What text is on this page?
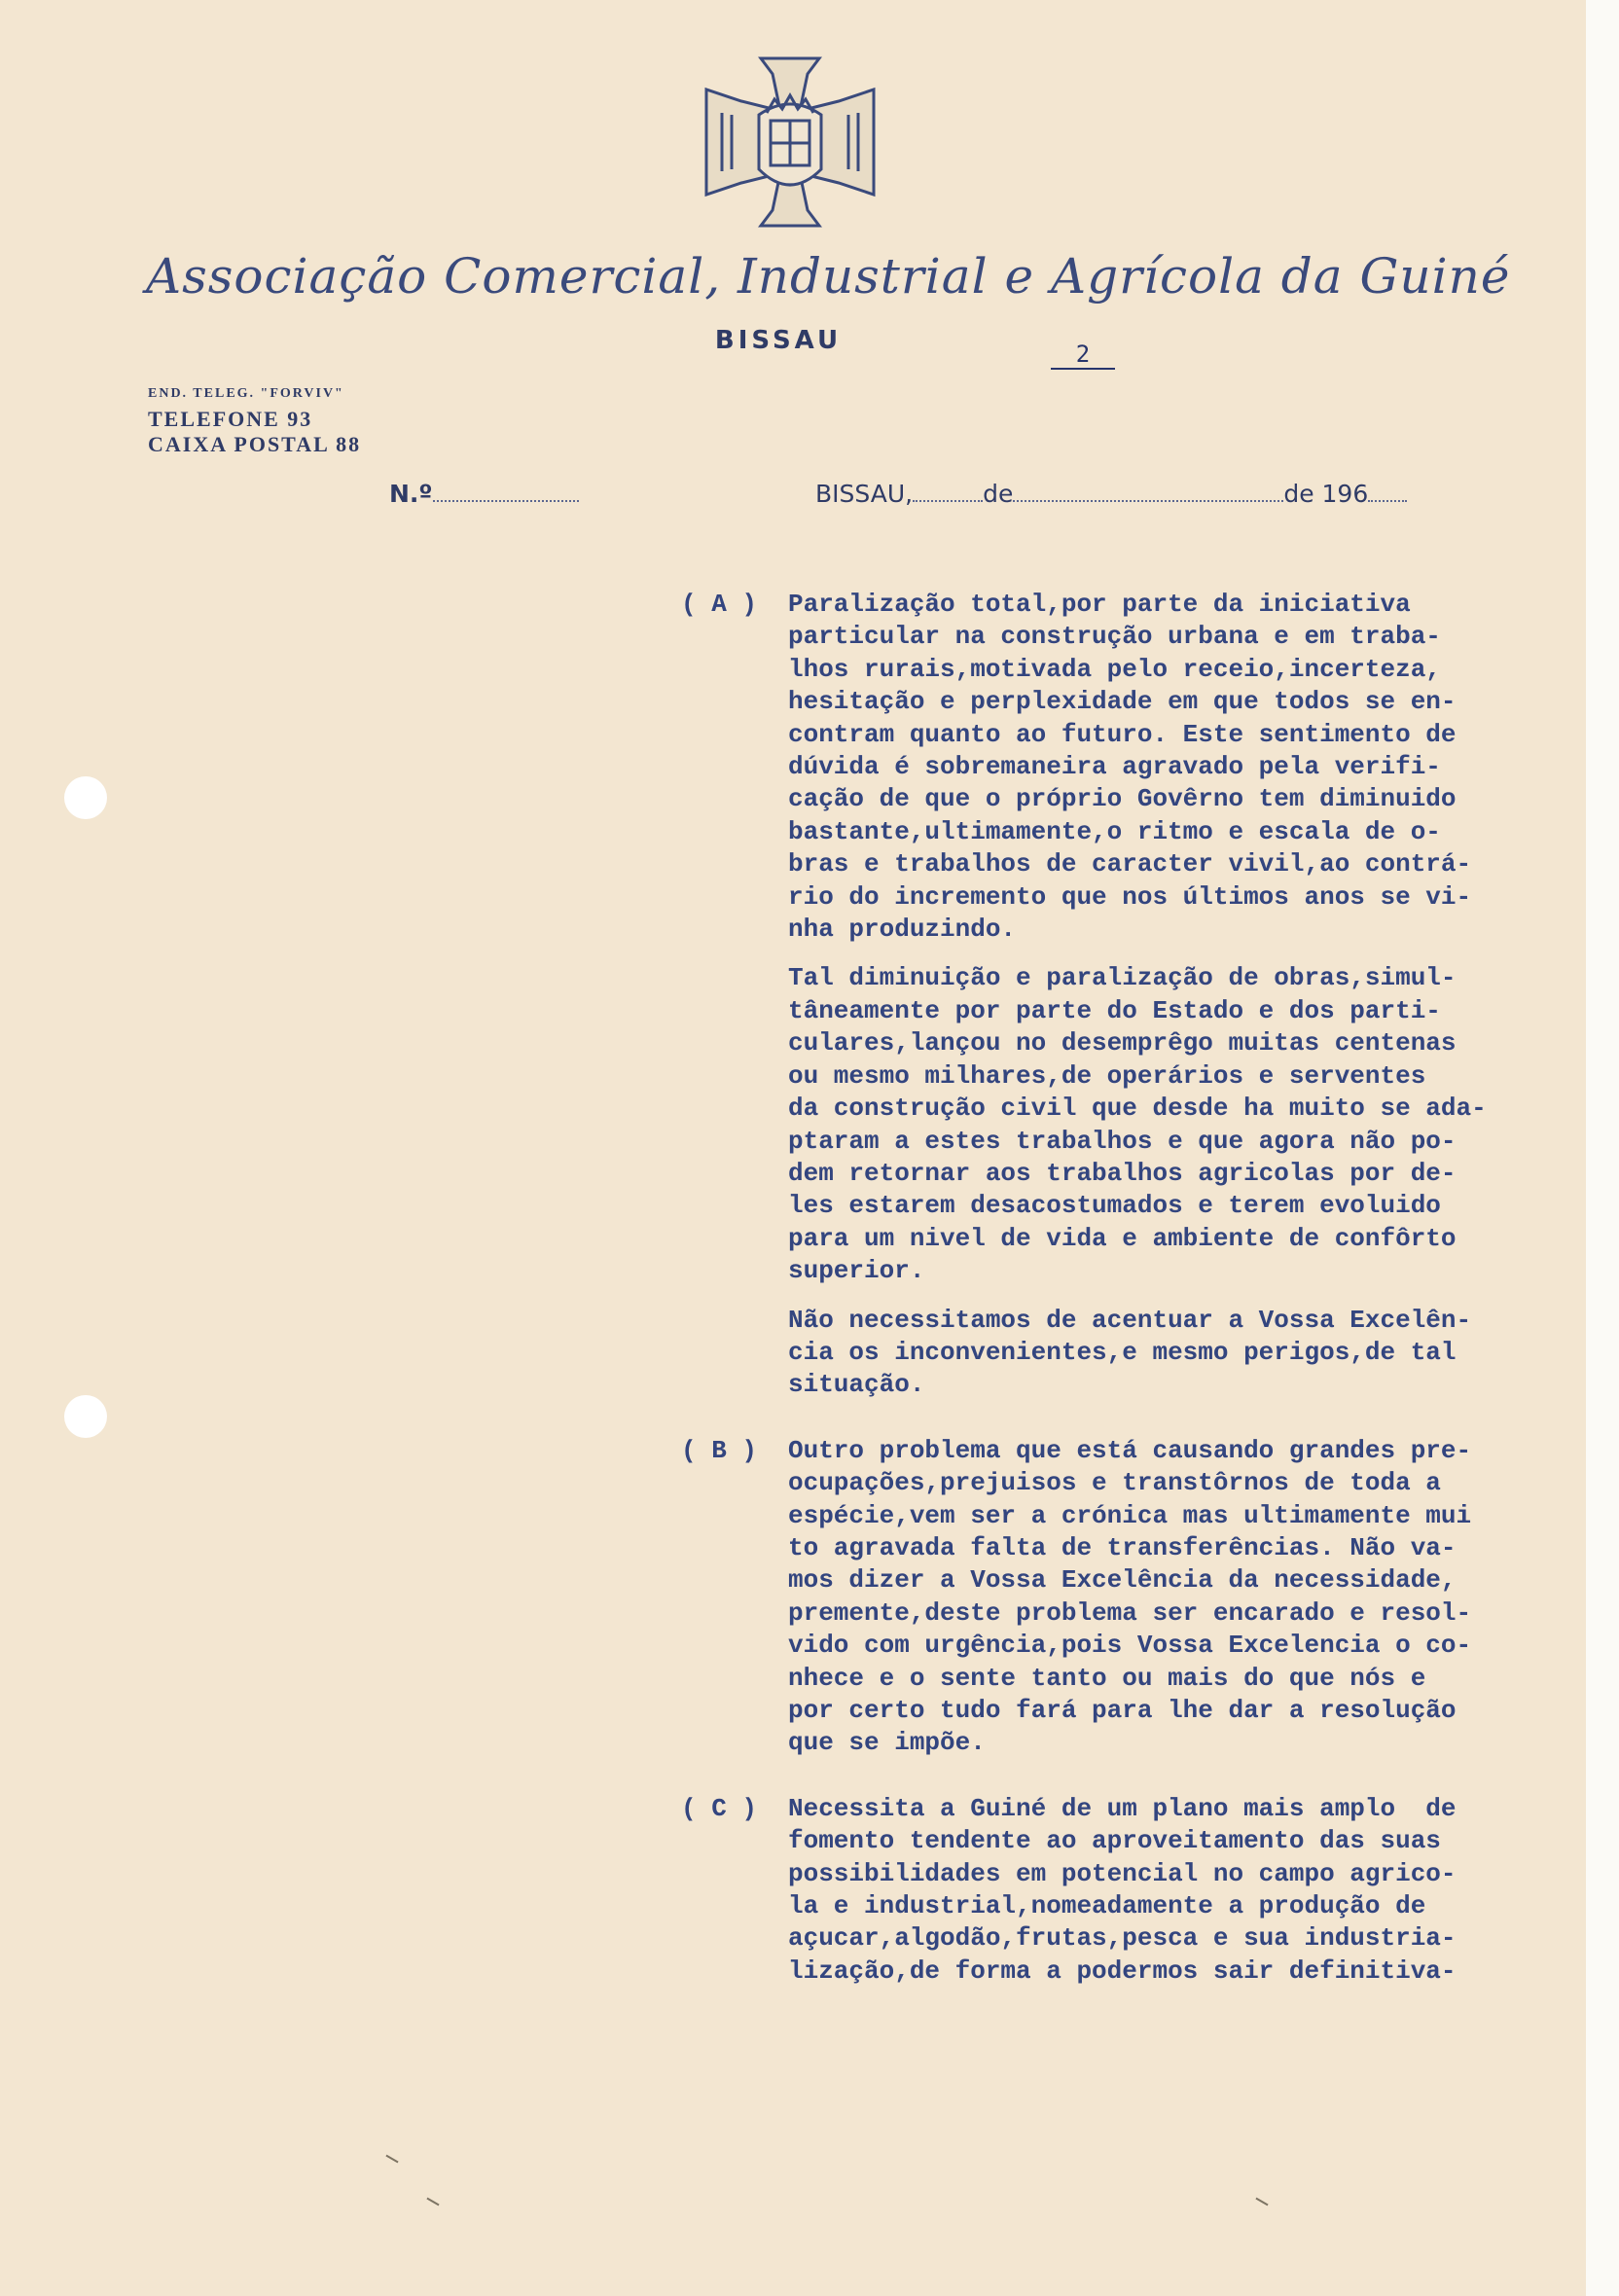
Associação Comercial, Industrial e Agrícola da Guiné
BISSAU	2
END. TELEG. "FORVIV"
TELEFONE 93
CAIXA POSTAL 88
N.º	BISSAU,	de	de 196
( A ) Paralização total,por parte da iniciativa
particular na construção urbana e em traba-
lhos rurais,motivada pelo receio,incerteza,
hesitação e perplexidade em que todos se en-
contram quanto ao futuro. Este sentimento de
dúvida é sobremaneira agravado pela verifi-
cação de que o próprio Govêrno tem diminuido
bastante,ultimamente,o ritmo e escala de o-
bras e trabalhos de caracter vivil,ao contrá-
rio do incremento que nos últimos anos se vi-
nha produzindo.
Tal diminuição e paralização de obras,simul-
tâneamente por parte do Estado e dos parti-
culares,lançou no desemprêgo muitas centenas
ou mesmo milhares,de operários e serventes
da construção civil que desde ha muito se ada-
ptaram a estes trabalhos e que agora não po-
dem retornar aos trabalhos agricolas por de-
les estarem desacostumados e terem evoluido
para um nivel de vida e ambiente de confôrto
superior.
Não necessitamos de acentuar a Vossa Excelên-
cia os inconvenientes,e mesmo perigos,de tal
situação.
( B ) Outro problema que está causando grandes pre-
ocupações,prejuisos e transtôrnos de toda a
espécie,vem ser a crónica mas ultimamente mui
to agravada falta de transferências. Não va-
mos dizer a Vossa Excelência da necessidade,
premente,deste problema ser encarado e resol-
vido com urgência,pois Vossa Excelencia o co-
nhece e o sente tanto ou mais do que nós e
por certo tudo fará para lhe dar a resolução
que se impõe.
( C ) Necessita a Guiné de um plano mais amplo  de
fomento tendente ao aproveitamento das suas
possibilidades em potencial no campo agrico-
la e industrial,nomeadamente a produção de
açucar,algodão,frutas,pesca e sua industria-
lização,de forma a podermos sair definitiva-
